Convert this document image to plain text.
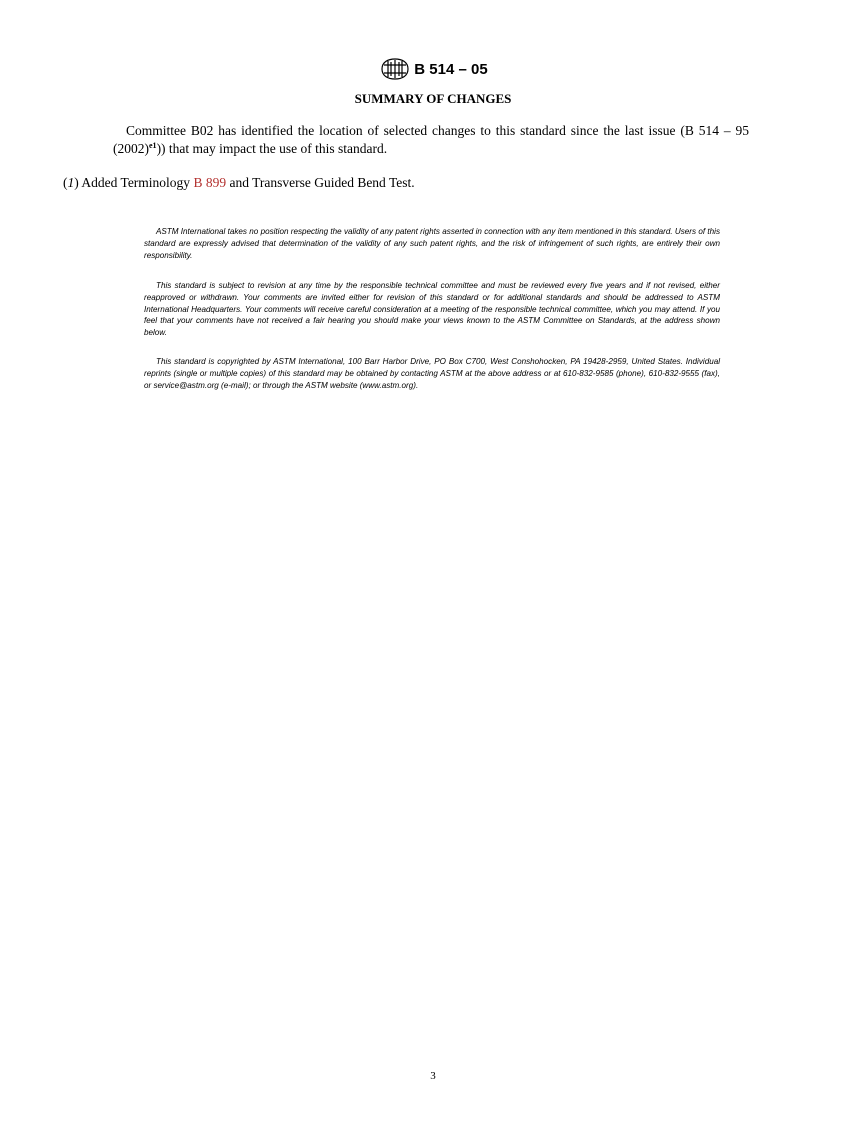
B 514 – 05
SUMMARY OF CHANGES

Committee B02 has identified the location of selected changes to this standard since the last issue (B 514 – 95 $(2002)^{e1}$)) that may impact the use of this standard.

(1) Added Terminology B 899 and Transverse Guided Bend Test.

ASTM International takes no position respecting the validity of any patent rights asserted in connection with any item mentioned in this standard. Users of this standard are expressly advised that determination of the validity of any such patent rights, and the risk of infringement of such rights, are entirely their own responsibility.

This standard is subject to revision at any time by the responsible technical committee and must be reviewed every five years and if not revised, either reapproved or withdrawn. Your comments are invited either for revision of this standard or for additional standards and should be addressed to ASTM International Headquarters. Your comments will receive careful consideration at a meeting of the responsible technical committee, which you may attend. If you feel that your comments have not received a fair hearing you should make your views known to the ASTM Committee on Standards, at the address shown below.

This standard is copyrighted by ASTM International, 100 Barr Harbor Drive, PO Box C700, West Conshohocken, PA 19428-2959, United States. Individual reprints (single or multiple copies) of this standard may be obtained by contacting ASTM at the above address or at 610-832-9585 (phone), 610-832-9555 (fax), or service@astm.org (e-mail); or through the ASTM website (www.astm.org).

3
